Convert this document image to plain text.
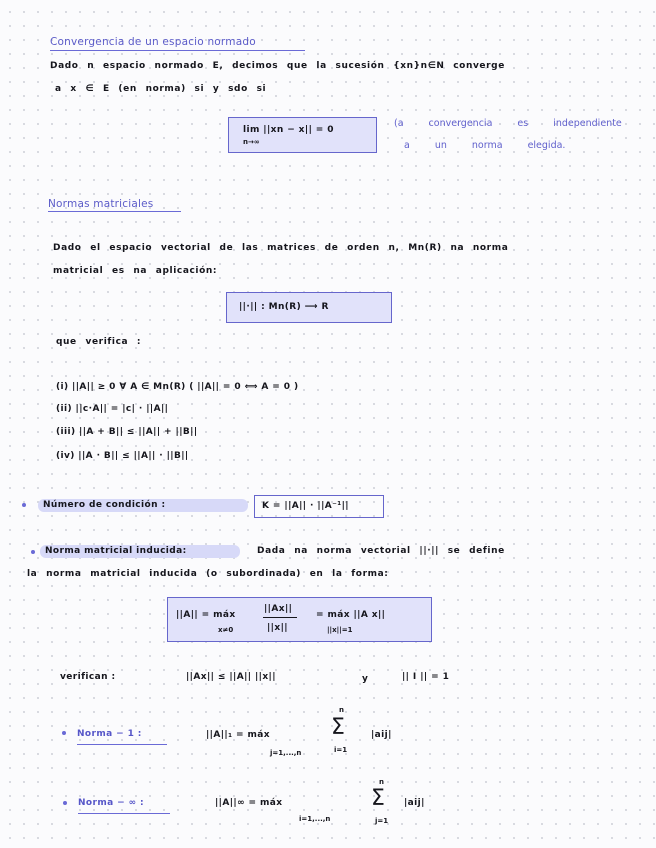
Convergencia de un espacio normado
Dado n espacio normado E, decimos que la sucesión {xn}n∈N converge
a x ∈ E (en norma) si y sdo si
lim ||xn − x|| = 0
n→∞
(a convergencia es independiente
a un norma elegida.
Normas matriciales
Dado el espacio vectorial de las matrices de orden n, Mn(R) na norma
matricial es na aplicación:
||·|| : Mn(R) ⟶ R
que verifica :
(i) ||A|| ≥ 0 ∀ A ∈ Mn(R) ( ||A|| = 0 ⟺ A = 0 )
(ii) ||c·A|| = |c| · ||A||
(iii) ||A + B|| ≤ ||A|| + ||B||
(iv) ||A · B|| ≤ ||A|| · ||B||
Número de condición :	K = ||A|| · ||A⁻¹||
Norma matricial inducida:	Dada na norma vectorial ||·|| se define
la norma matricial inducida (o subordinada) en la forma:
||A|| = máx
x≠0
||Ax||
||x||
= máx ||A x||
||x||=1
verifican :	||Ax|| ≤ ||A|| ||x||	y	|| I || = 1
Norma − 1 :	||A||₁ = máx
j=1,...,n
n
Σ
i=1
|aij|
Norma − ∞ :	||A||∞ = máx
i=1,...,n
n
Σ
j=1
|aij|
